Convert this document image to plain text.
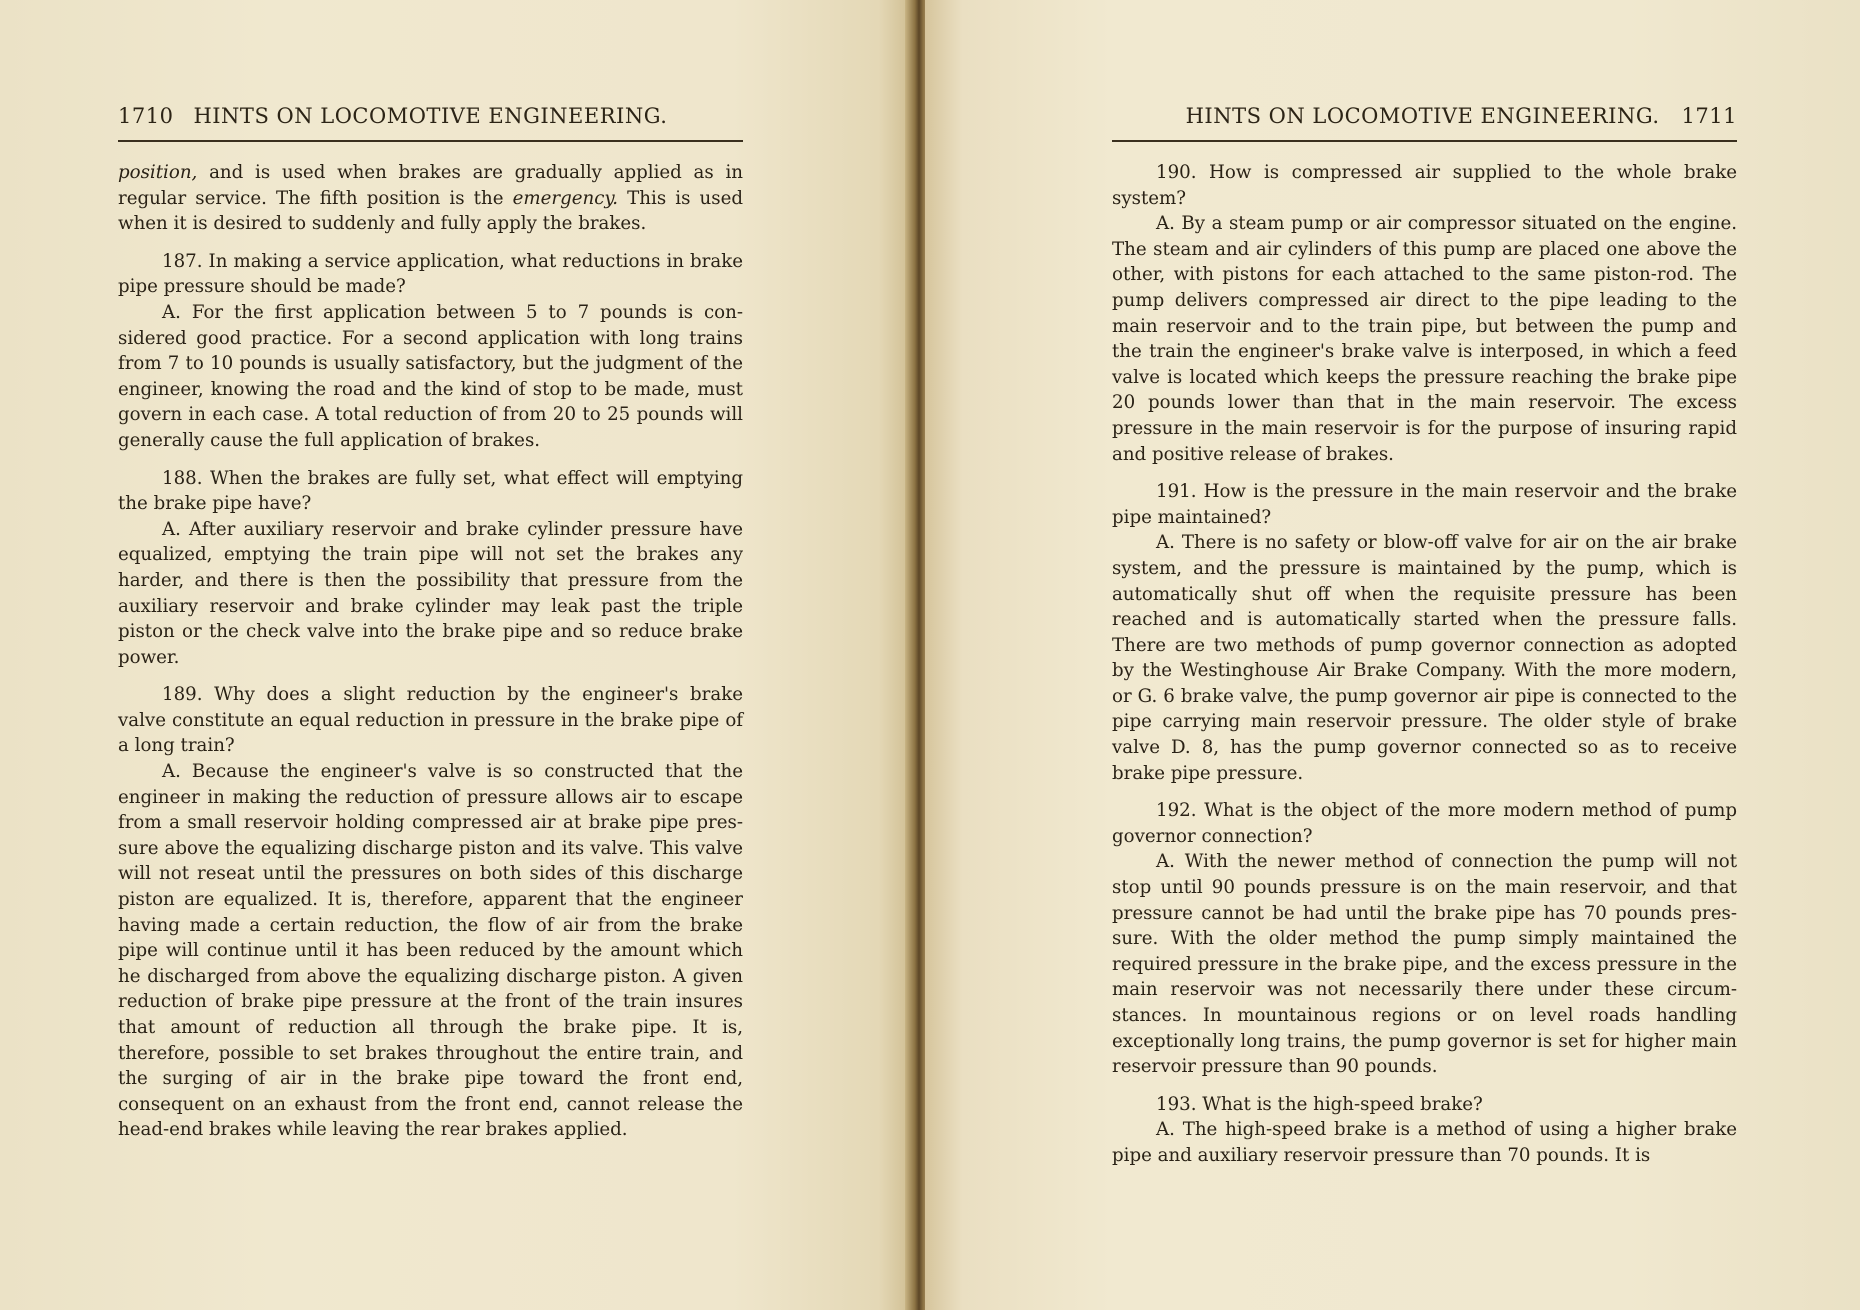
1710 HINTS ON LOCOMOTIVE ENGINEERING.

position, and is used when brakes are gradually applied as in regular service. The fifth position is the emergency. This is used when it is desired to suddenly and fully apply the brakes.

187. In making a service application, what reductions in brake pipe pressure should be made?

A. For the first application between 5 to 7 pounds is considered good practice. For a second application with long trains from 7 to 10 pounds is usually satisfactory, but the judgment of the engineer, knowing the road and the kind of stop to be made, must govern in each case. A total reduction of from 20 to 25 pounds will generally cause the full application of brakes.

188. When the brakes are fully set, what effect will emptying the brake pipe have?

A. After auxiliary reservoir and brake cylinder pressure have equalized, emptying the train pipe will not set the brakes any harder, and there is then the possibility that pressure from the auxiliary reservoir and brake cylinder may leak past the triple piston or the check valve into the brake pipe and so reduce brake power.

189. Why does a slight reduction by the engineer's brake valve constitute an equal reduction in pressure in the brake pipe of a long train?

A. Because the engineer's valve is so constructed that the engineer in making the reduction of pressure allows air to escape from a small reservoir holding compressed air at brake pipe pressure above the equalizing discharge piston and its valve. This valve will not reseat until the pressures on both sides of this discharge piston are equalized. It is, therefore, apparent that the engineer having made a certain reduction, the flow of air from the brake pipe will continue until it has been reduced by the amount which he discharged from above the equalizing discharge piston. A given reduction of brake pipe pressure at the front of the train insures that amount of reduction all through the brake pipe. It is, therefore, possible to set brakes throughout the entire train, and the surging of air in the brake pipe toward the front end, consequent on an exhaust from the front end, cannot release the head-end brakes while leaving the rear brakes applied.

HINTS ON LOCOMOTIVE ENGINEERING. 1711

190. How is compressed air supplied to the whole brake system?

A. By a steam pump or air compressor situated on the engine. The steam and air cylinders of this pump are placed one above the other, with pistons for each attached to the same piston-rod. The pump delivers compressed air direct to the pipe leading to the main reservoir and to the train pipe, but between the pump and the train the engineer's brake valve is interposed, in which a feed valve is located which keeps the pressure reaching the brake pipe 20 pounds lower than that in the main reservoir. The excess pressure in the main reservoir is for the purpose of insuring rapid and positive release of brakes.

191. How is the pressure in the main reservoir and the brake pipe maintained?

A. There is no safety or blow-off valve for air on the air brake system, and the pressure is maintained by the pump, which is automatically shut off when the requisite pressure has been reached and is automatically started when the pressure falls. There are two methods of pump governor connection as adopted by the Westinghouse Air Brake Company. With the more modern, or G. 6 brake valve, the pump governor air pipe is connected to the pipe carrying main reservoir pressure. The older style of brake valve D. 8, has the pump governor connected so as to receive brake pipe pressure.

192. What is the object of the more modern method of pump governor connection?

A. With the newer method of connection the pump will not stop until 90 pounds pressure is on the main reservoir, and that pressure cannot be had until the brake pipe has 70 pounds pressure. With the older method the pump simply maintained the required pressure in the brake pipe, and the excess pressure in the main reservoir was not necessarily there under these circumstances. In mountainous regions or on level roads handling exceptionally long trains, the pump governor is set for higher main reservoir pressure than 90 pounds.

193. What is the high-speed brake?

A. The high-speed brake is a method of using a higher brake pipe and auxiliary reservoir pressure than 70 pounds. It is
